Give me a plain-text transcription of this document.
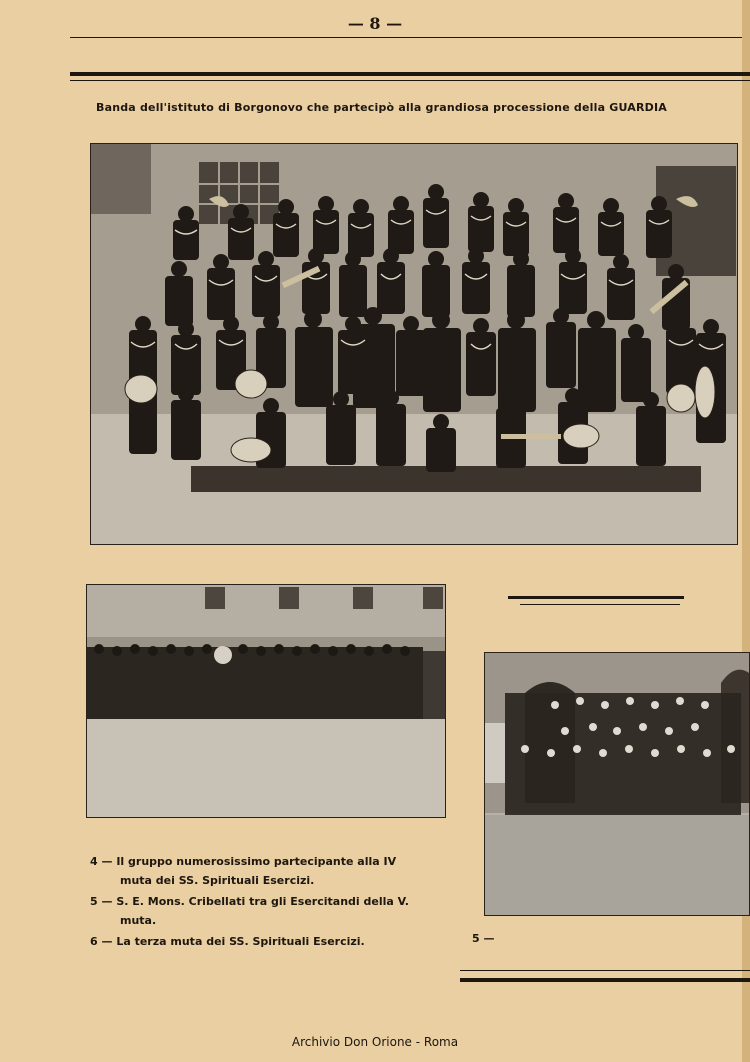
— 8 —
Banda dell'istituto di Borgonovo che partecipò alla grandiosa processione della GUARDIA
4 — Il gruppo numerosissimo partecipante alla IV
muta dei SS. Spirituali Esercizi.
5 — S. E. Mons. Cribellati tra gli Esercitandi della V.
muta.
6 — La terza muta dei SS. Spirituali Esercizi.	5 —
Archivio Don Orione - Roma
